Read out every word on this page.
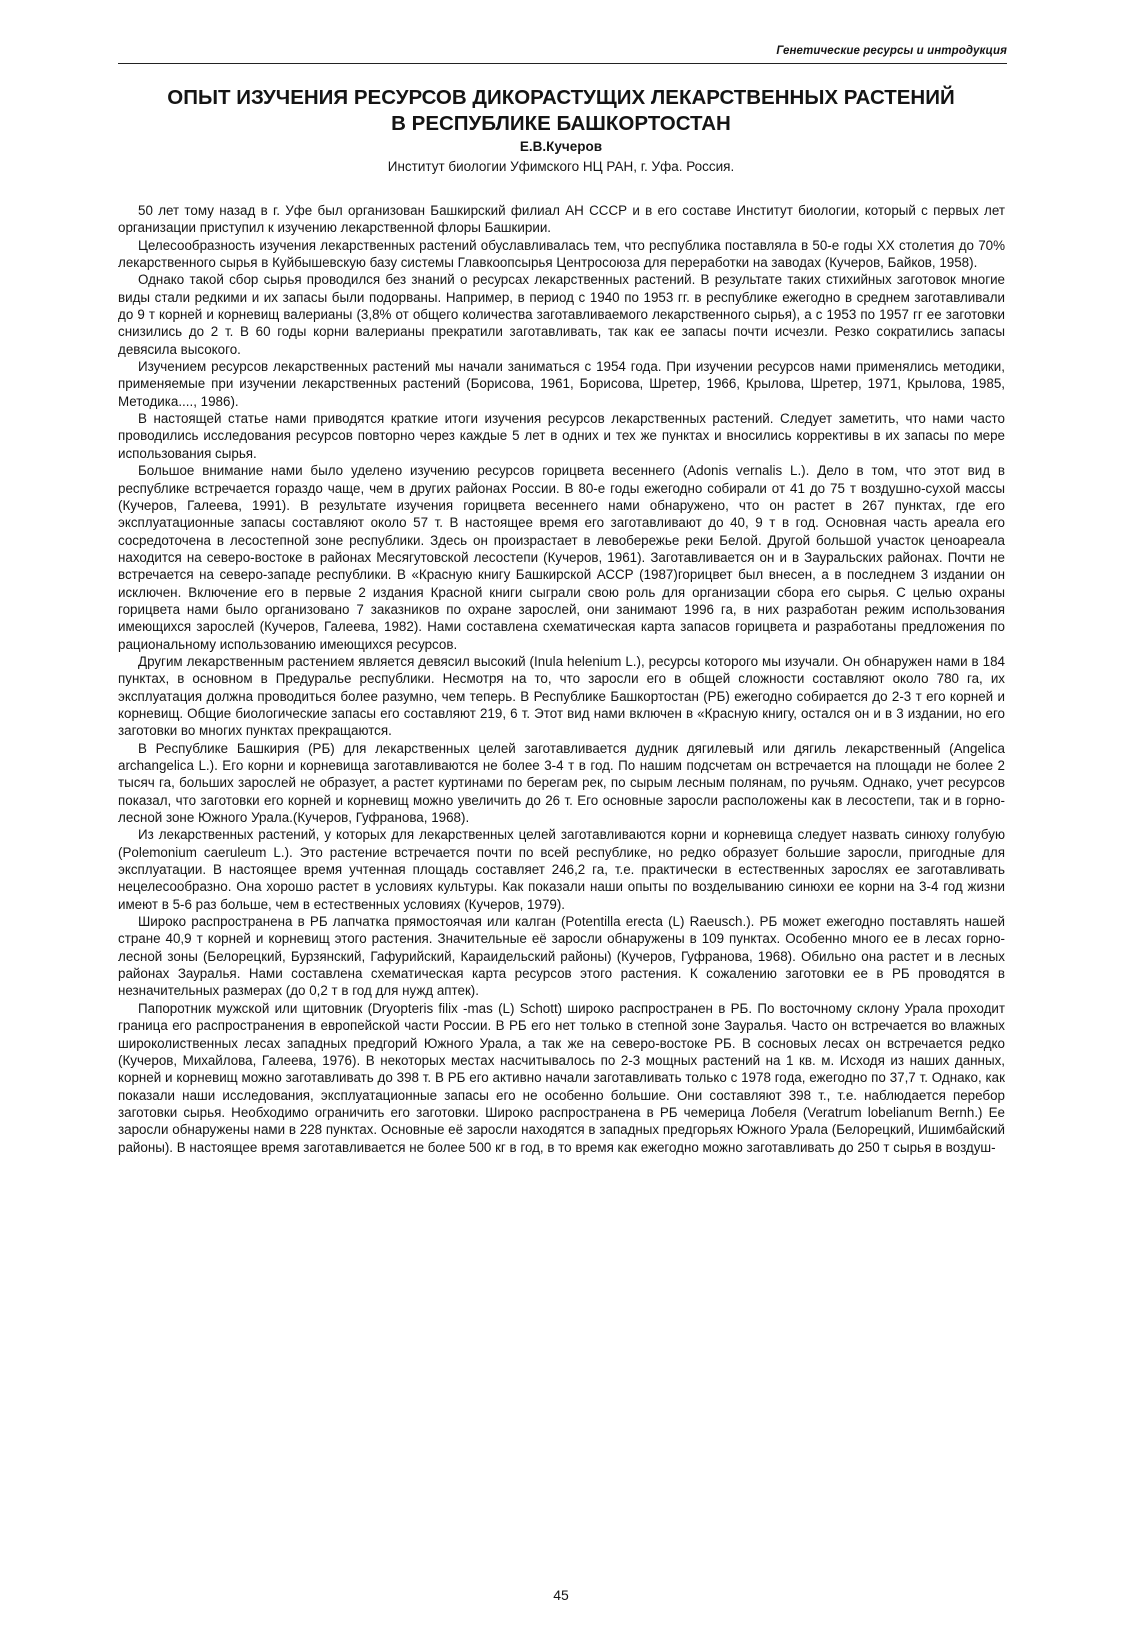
Генетические ресурсы и интродукция
ОПЫТ ИЗУЧЕНИЯ РЕСУРСОВ ДИКОРАСТУЩИХ ЛЕКАРСТВЕННЫХ РАСТЕНИЙ
В РЕСПУБЛИКЕ БАШКОРТОСТАН
Е.В.Кучеров
Институт биологии Уфимского НЦ РАН, г. Уфа. Россия.

50 лет тому назад в г. Уфе был организован Башкирский филиал АН СССР и в его составе Институт биологии, который с первых лет организации приступил к изучению лекарственной флоры Башкирии.

Целесообразность изучения лекарственных растений обуславливалась тем, что республика поставляла в 50-е годы XX столетия до 70% лекарственного сырья в Куйбышевскую базу системы Главкоопсырья Центросоюза для переработки на заводах (Кучеров, Байков, 1958).

Однако такой сбор сырья проводился без знаний о ресурсах лекарственных растений. В результате таких стихийных заготовок многие виды стали редкими и их запасы были подорваны. Например, в период с 1940 по 1953 гг. в республике ежегодно в среднем заготавливали до 9 т корней и корневищ валерианы (3,8% от общего количества заготавливаемого лекарственного сырья), а с 1953 по 1957 гг ее заготовки снизились до 2 т. В 60 годы корни валерианы прекратили заготавливать, так как ее запасы почти исчезли. Резко сократились запасы девясила высокого.

Изучением ресурсов лекарственных растений мы начали заниматься с 1954 года. При изучении ресурсов нами применялись методики, применяемые при изучении лекарственных растений (Борисова, 1961, Борисова, Шретер, 1966, Крылова, Шретер, 1971, Крылова, 1985, Методика...., 1986).

В настоящей статье нами приводятся краткие итоги изучения ресурсов лекарственных растений. Следует заметить, что нами часто проводились исследования ресурсов повторно через каждые 5 лет в одних и тех же пунктах и вносились коррективы в их запасы по мере использования сырья.

Большое внимание нами было уделено изучению ресурсов горицвета весеннего (Adonis vernalis L.). Дело в том, что этот вид в республике встречается гораздо чаще, чем в других районах России. В 80-е годы ежегодно собирали от 41 до 75 т воздушно-сухой массы (Кучеров, Галеева, 1991). В результате изучения горицвета весеннего нами обнаружено, что он растет в 267 пунктах, где его эксплуатационные запасы составляют около 57 т. В настоящее время его заготавливают до 40, 9 т в год. Основная часть ареала его сосредоточена в лесостепной зоне республики. Здесь он произрастает в левобережье реки Белой. Другой большой участок ценоареала находится на северо-востоке в районах Месягутовской лесостепи (Кучеров, 1961). Заготавливается он и в Зауральских районах. Почти не встречается на северо-западе республики. В «Красную книгу Башкирской АССР (1987)горицвет был внесен, а в последнем 3 издании он исключен. Включение его в первые 2 издания Красной книги сыграли свою роль для организации сбора его сырья. С целью охраны горицвета нами было организовано 7 заказников по охране зарослей, они занимают 1996 га, в них разработан режим использования имеющихся зарослей (Кучеров, Галеева, 1982). Нами составлена схематическая карта запасов горицвета и разработаны предложения по рациональному использованию имеющихся ресурсов.

Другим лекарственным растением является девясил высокий (Inula helenium L.), ресурсы которого мы изучали. Он обнаружен нами в 184 пунктах, в основном в Предуралье республики. Несмотря на то, что заросли его в общей сложности составляют около 780 га, их эксплуатация должна проводиться более разумно, чем теперь. В Республике Башкортостан (РБ) ежегодно собирается до 2-3 т его корней и корневищ. Общие биологические запасы его составляют 219, 6 т. Этот вид нами включен в «Красную книгу, остался он и в 3 издании, но его заготовки во многих пунктах прекращаются.

В Республике Башкирия (РБ) для лекарственных целей заготавливается дудник дягилевый или дягиль лекарственный (Angelica archangelica L.). Его корни и корневища заготавливаются не более 3-4 т в год. По нашим подсчетам он встречается на площади не более 2 тысяч га, больших зарослей не образует, а растет куртинами по берегам рек, по сырым лесным полянам, по ручьям. Однако, учет ресурсов показал, что заготовки его корней и корневищ можно увеличить до 26 т. Его основные заросли расположены как в лесостепи, так и в горно-лесной зоне Южного Урала.(Кучеров, Гуфранова, 1968).

Из лекарственных растений, у которых для лекарственных целей заготавливаются корни и корневища следует назвать синюху голубую (Polemonium caeruleum L.). Это растение встречается почти по всей республике, но редко образует большие заросли, пригодные для эксплуатации. В настоящее время учтенная площадь составляет 246,2 га, т.е. практически в естественных зарослях ее заготавливать нецелесообразно. Она хорошо растет в условиях культуры. Как показали наши опыты по возделыванию синюхи ее корни на 3-4 год жизни имеют в 5-6 раз больше, чем в естественных условиях (Кучеров, 1979).

Широко распространена в РБ лапчатка прямостоячая или калган (Potentilla erecta (L) Raeusch.). РБ может ежегодно поставлять нашей стране 40,9 т корней и корневищ этого растения. Значительные её заросли обнаружены в 109 пунктах. Особенно много ее в лесах горно-лесной зоны (Белорецкий, Бурзянский, Гафурийский, Караидельский районы) (Кучеров, Гуфранова, 1968). Обильно она растет и в лесных районах Зауралья. Нами составлена схематическая карта ресурсов этого растения. К сожалению заготовки ее в РБ проводятся в незначительных размерах (до 0,2 т в год для нужд аптек).

Папоротник мужской или щитовник (Dryopteris filix -mas (L) Schott) широко распространен в РБ. По восточному склону Урала проходит граница его распространения в европейской части России. В РБ его нет только в степной зоне Зауралья. Часто он встречается во влажных широколиственных лесах западных предгорий Южного Урала, а так же на северо-востоке РБ. В сосновых лесах он встречается редко (Кучеров, Михайлова, Галеева, 1976). В некоторых местах насчитывалось по 2-3 мощных растений на 1 кв. м. Исходя из наших данных, корней и корневищ можно заготавливать до 398 т. В РБ его активно начали заготавливать только с 1978 года, ежегодно по 37,7 т. Однако, как показали наши исследования, эксплуатационные запасы его не особенно большие. Они составляют 398 т., т.е. наблюдается перебор заготовки сырья. Необходимо ограничить его заготовки. Широко распространена в РБ чемерица Лобеля (Veratrum lobelianum Bernh.) Ее заросли обнаружены нами в 228 пунктах. Основные её заросли находятся в западных предгорьях Южного Урала (Белорецкий, Ишимбайский районы). В настоящее время заготавливается не более 500 кг в год, в то время как ежегодно можно заготавливать до 250 т сырья в воздуш-

45
